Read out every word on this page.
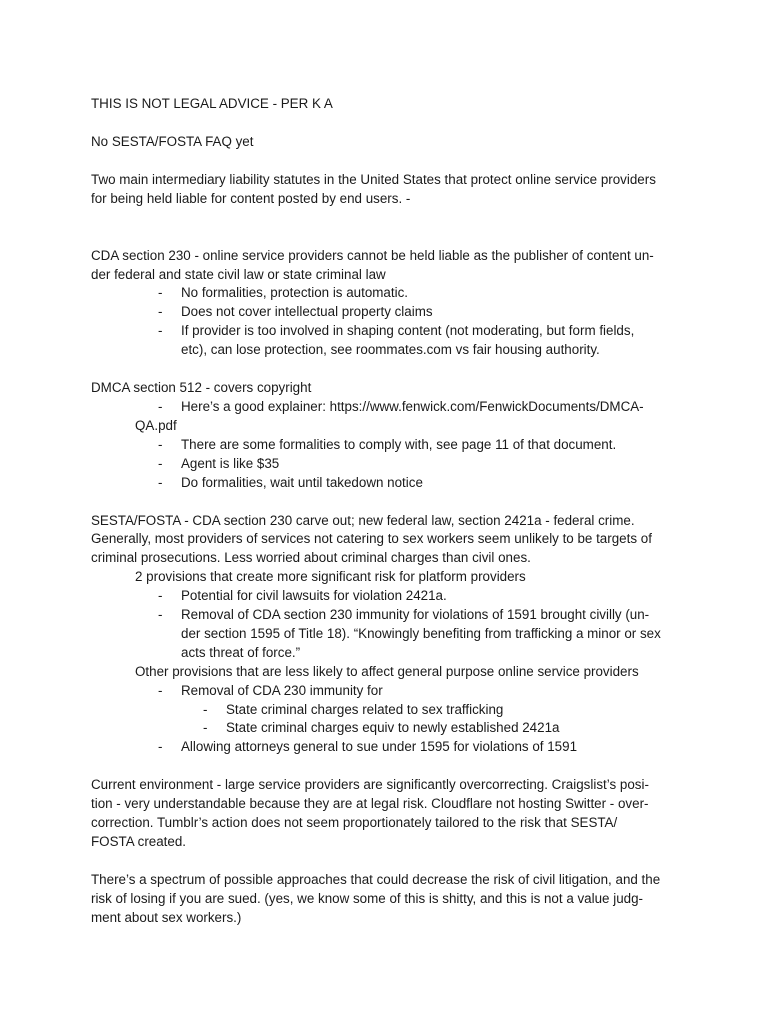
THIS IS NOT LEGAL ADVICE - PER K A

No SESTA/FOSTA FAQ yet

Two main intermediary liability statutes in the United States that protect online service providers

for being held liable for content posted by end users. -

CDA section 230 - online service providers cannot be held liable as the publisher of content un-

der federal and state civil law or state criminal law

- No formalities, protection is automatic.

- Does not cover intellectual property claims

- If provider is too involved in shaping content (not moderating, but form fields,

etc), can lose protection, see roommates.com vs fair housing authority.

DMCA section 512 - covers copyright

- Here’s a good explainer: https://www.fenwick.com/FenwickDocuments/DMCA-
QA.pdf

- There are some formalities to comply with, see page 11 of that document.

- Agent is like $35

- Do formalities, wait until takedown notice

SESTA/FOSTA - CDA section 230 carve out; new federal law, section 2421a - federal crime.

Generally, most providers of services not catering to sex workers seem unlikely to be targets of

criminal prosecutions. Less worried about criminal charges than civil ones.

2 provisions that create more significant risk for platform providers

- Potential for civil lawsuits for violation 2421a.

- Removal of CDA section 230 immunity for violations of 1591 brought civilly (un-

der section 1595 of Title 18). “Knowingly benefiting from trafficking a minor or sex

acts threat of force.”

Other provisions that are less likely to affect general purpose online service providers

- Removal of CDA 230 immunity for

- State criminal charges related to sex trafficking

- State criminal charges equiv to newly established 2421a

- Allowing attorneys general to sue under 1595 for violations of 1591

Current environment - large service providers are significantly overcorrecting. Craigslist’s posi-

tion - very understandable because they are at legal risk. Cloudflare not hosting Switter - over-

correction. Tumblr’s action does not seem proportionately tailored to the risk that SESTA/

FOSTA created.

There’s a spectrum of possible approaches that could decrease the risk of civil litigation, and the

risk of losing if you are sued. (yes, we know some of this is shitty, and this is not a value judg-

ment about sex workers.)
